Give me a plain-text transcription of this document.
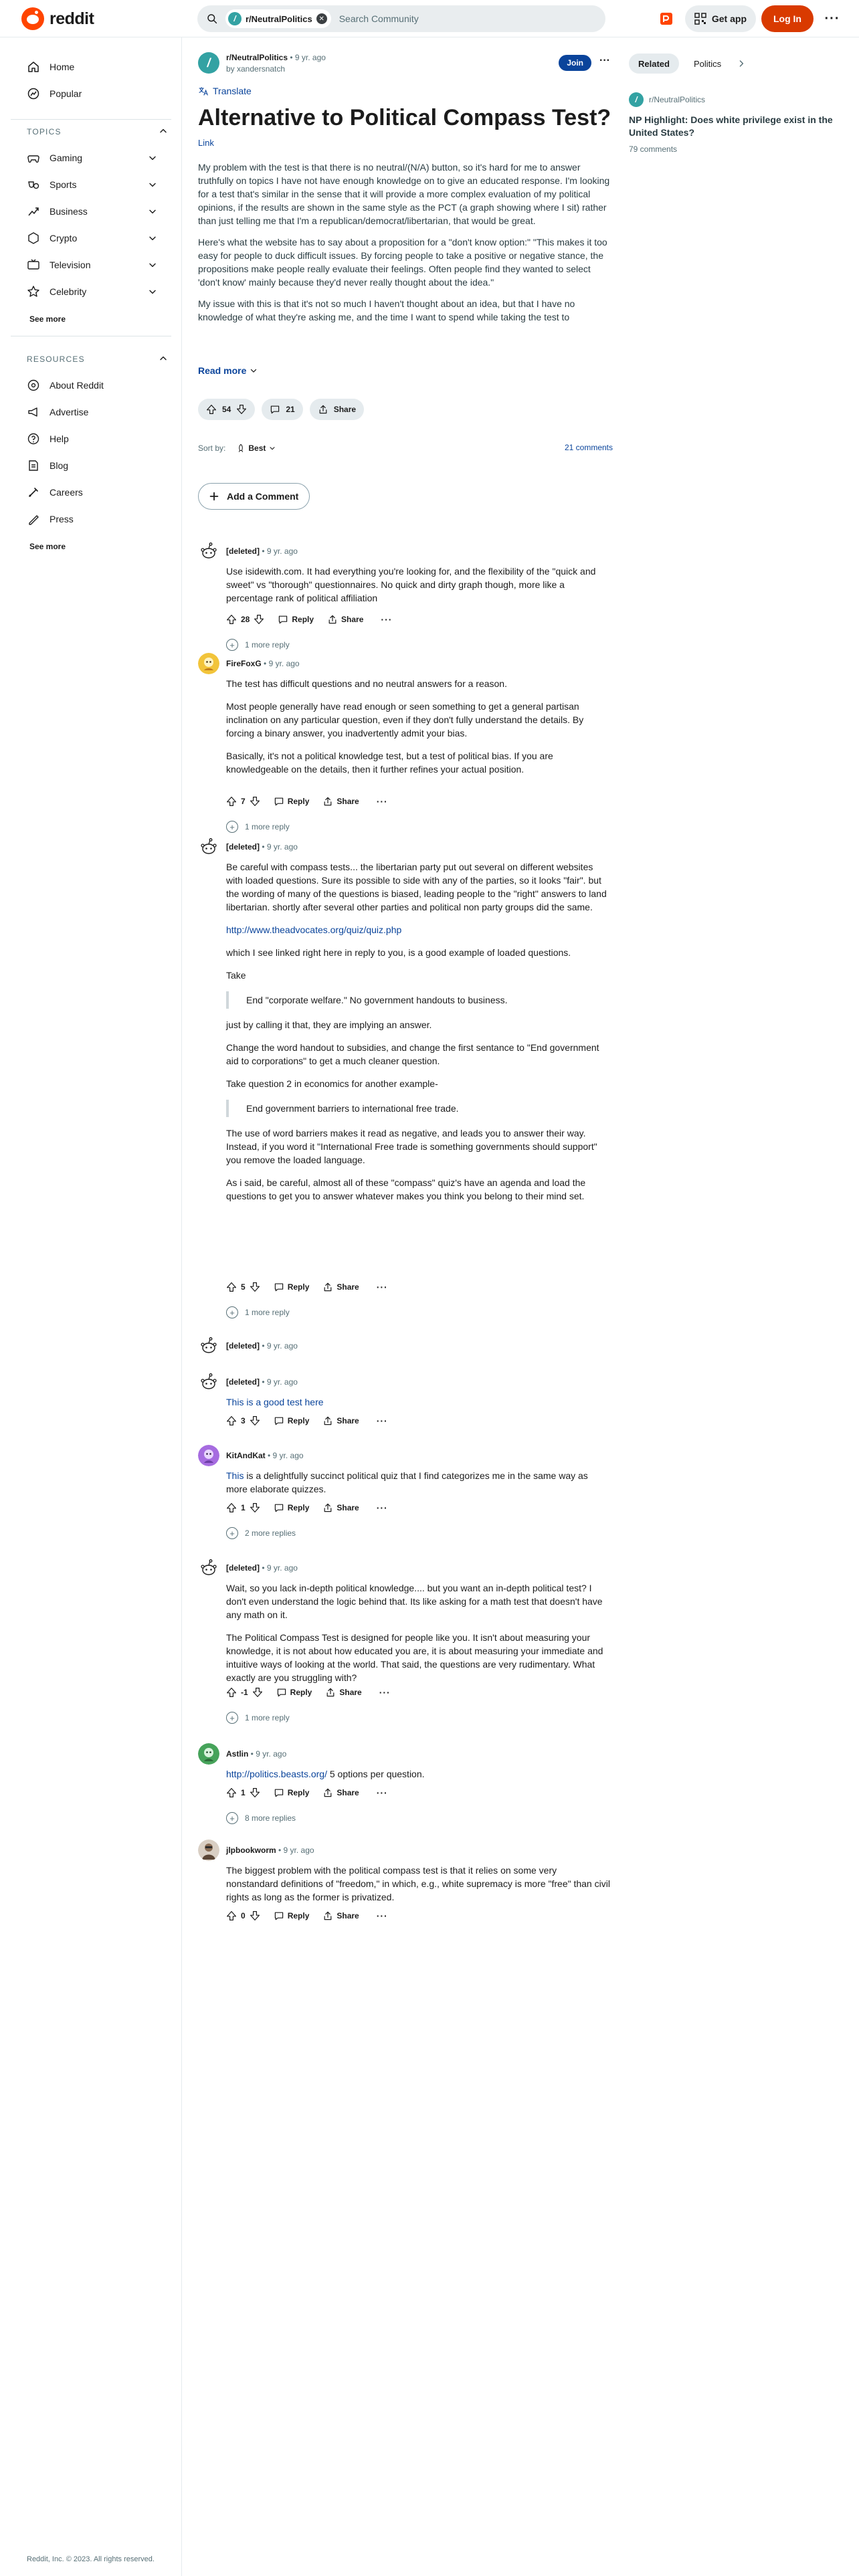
reddit	/	r/NeutralPolitics ✕
Search Community	Get app	Log In	···
Home
Popular
TOPICS
Gaming
Sports
Business
Crypto
Television
Celebrity
See more
RESOURCES
About Reddit
Advertise
Help
Blog
Careers
Press
See more
Reddit, Inc. © 2023. All rights reserved.
/	r/NeutralPolitics • 9 yr. ago
by xandersnatch
Join	···
Translate
Alternative to Political Compass Test?
Link

My problem with the test is that there is no neutral/(N/A) button, so it's hard for me to answer truthfully on topics I have not have enough knowledge on to give an educated response. I'm looking for a test that's similar in the sense that it will provide a more complex evaluation of my political opinions, if the results are shown in the same style as the PCT (a graph showing where I sit) rather than just telling me that I'm a republican/democrat/libertarian, that would be great.

Here's what the website has to say about a proposition for a "don't know option:" "This makes it too easy for people to duck difficult issues. By forcing people to take a positive or negative stance, the propositions make people really evaluate their feelings. Often people find they wanted to select 'don't know' mainly because they'd never really thought about the idea."

My issue with this is that it's not so much I haven't thought about an idea, but that I have no knowledge of what they're asking me, and the time I want to spend while taking the test to

Read more
54	21	Share
Sort by:	Best	21 comments
Add a Comment
[deleted] • 9 yr. ago

Use isidewith.com. It had everything you're looking for, and the flexibility of the "quick and sweet" vs "thorough" questionnaires. No quick and dirty graph though, more like a percentage rank of political affiliation

28	Reply	Share ···
+	1 more reply
FireFoxG • 9 yr. ago

The test has difficult questions and no neutral answers for a reason.

Most people generally have read enough or seen something to get a general partisan inclination on any particular question, even if they don't fully understand the details. By forcing a binary answer, you inadvertently admit your bias.

Basically, it's not a political knowledge test, but a test of political bias. If you are knowledgeable on the details, then it further refines your actual position.

7	Reply	Share ···
+	1 more reply
[deleted] • 9 yr. ago

Be careful with compass tests... the libertarian party put out several on different websites with loaded questions. Sure its possible to side with any of the parties, so it looks "fair". but the wording of many of the questions is biased, leading people to the "right" answers to land libertarian. shortly after several other parties and political non party groups did the same.

http://www.theadvocates.org/quiz/quiz.php

which I see linked right here in reply to you, is a good example of loaded questions.

Take

End "corporate welfare." No government handouts to business.

just by calling it that, they are implying an answer.

Change the word handout to subsidies, and change the first sentance to "End government aid to corporations" to get a much cleaner question.

Take question 2 in economics for another example-

End government barriers to international free trade.

The use of word barriers makes it read as negative, and leads you to answer their way. Instead, if you word it "International Free trade is something governments should support" you remove the loaded language.

As i said, be careful, almost all of these "compass" quiz's have an agenda and load the questions to get you to answer whatever makes you think you belong to their mind set.

5	Reply	Share ···
+	1 more reply
[deleted] • 9 yr. ago
[deleted] • 9 yr. ago

This is a good test here

3	Reply	Share ···
KitAndKat • 9 yr. ago

This is a delightfully succinct political quiz that I find categorizes me in the same way as more elaborate quizzes.

1	Reply	Share ···
+	2 more replies
[deleted] • 9 yr. ago

Wait, so you lack in-depth political knowledge.... but you want an in-depth political test? I don't even understand the logic behind that. Its like asking for a math test that doesn't have any math on it.

The Political Compass Test is designed for people like you. It isn't about measuring your knowledge, it is not about how educated you are, it is about measuring your immediate and intuitive ways of looking at the world. That said, the questions are very rudimentary. What exactly are you struggling with?

-1	Reply	Share ···
+	1 more reply
Astlin • 9 yr. ago

http://politics.beasts.org/ 5 options per question.

1	Reply	Share ···
+	8 more replies
jlpbookworm • 9 yr. ago

The biggest problem with the political compass test is that it relies on some very nonstandard definitions of "freedom," in which, e.g., white supremacy is more "free" than civil rights as long as the former is privatized.

0	Reply	Share ···
Related	Politics
/	r/NeutralPolitics
NP Highlight: Does white privilege exist in the United States?
79 comments
